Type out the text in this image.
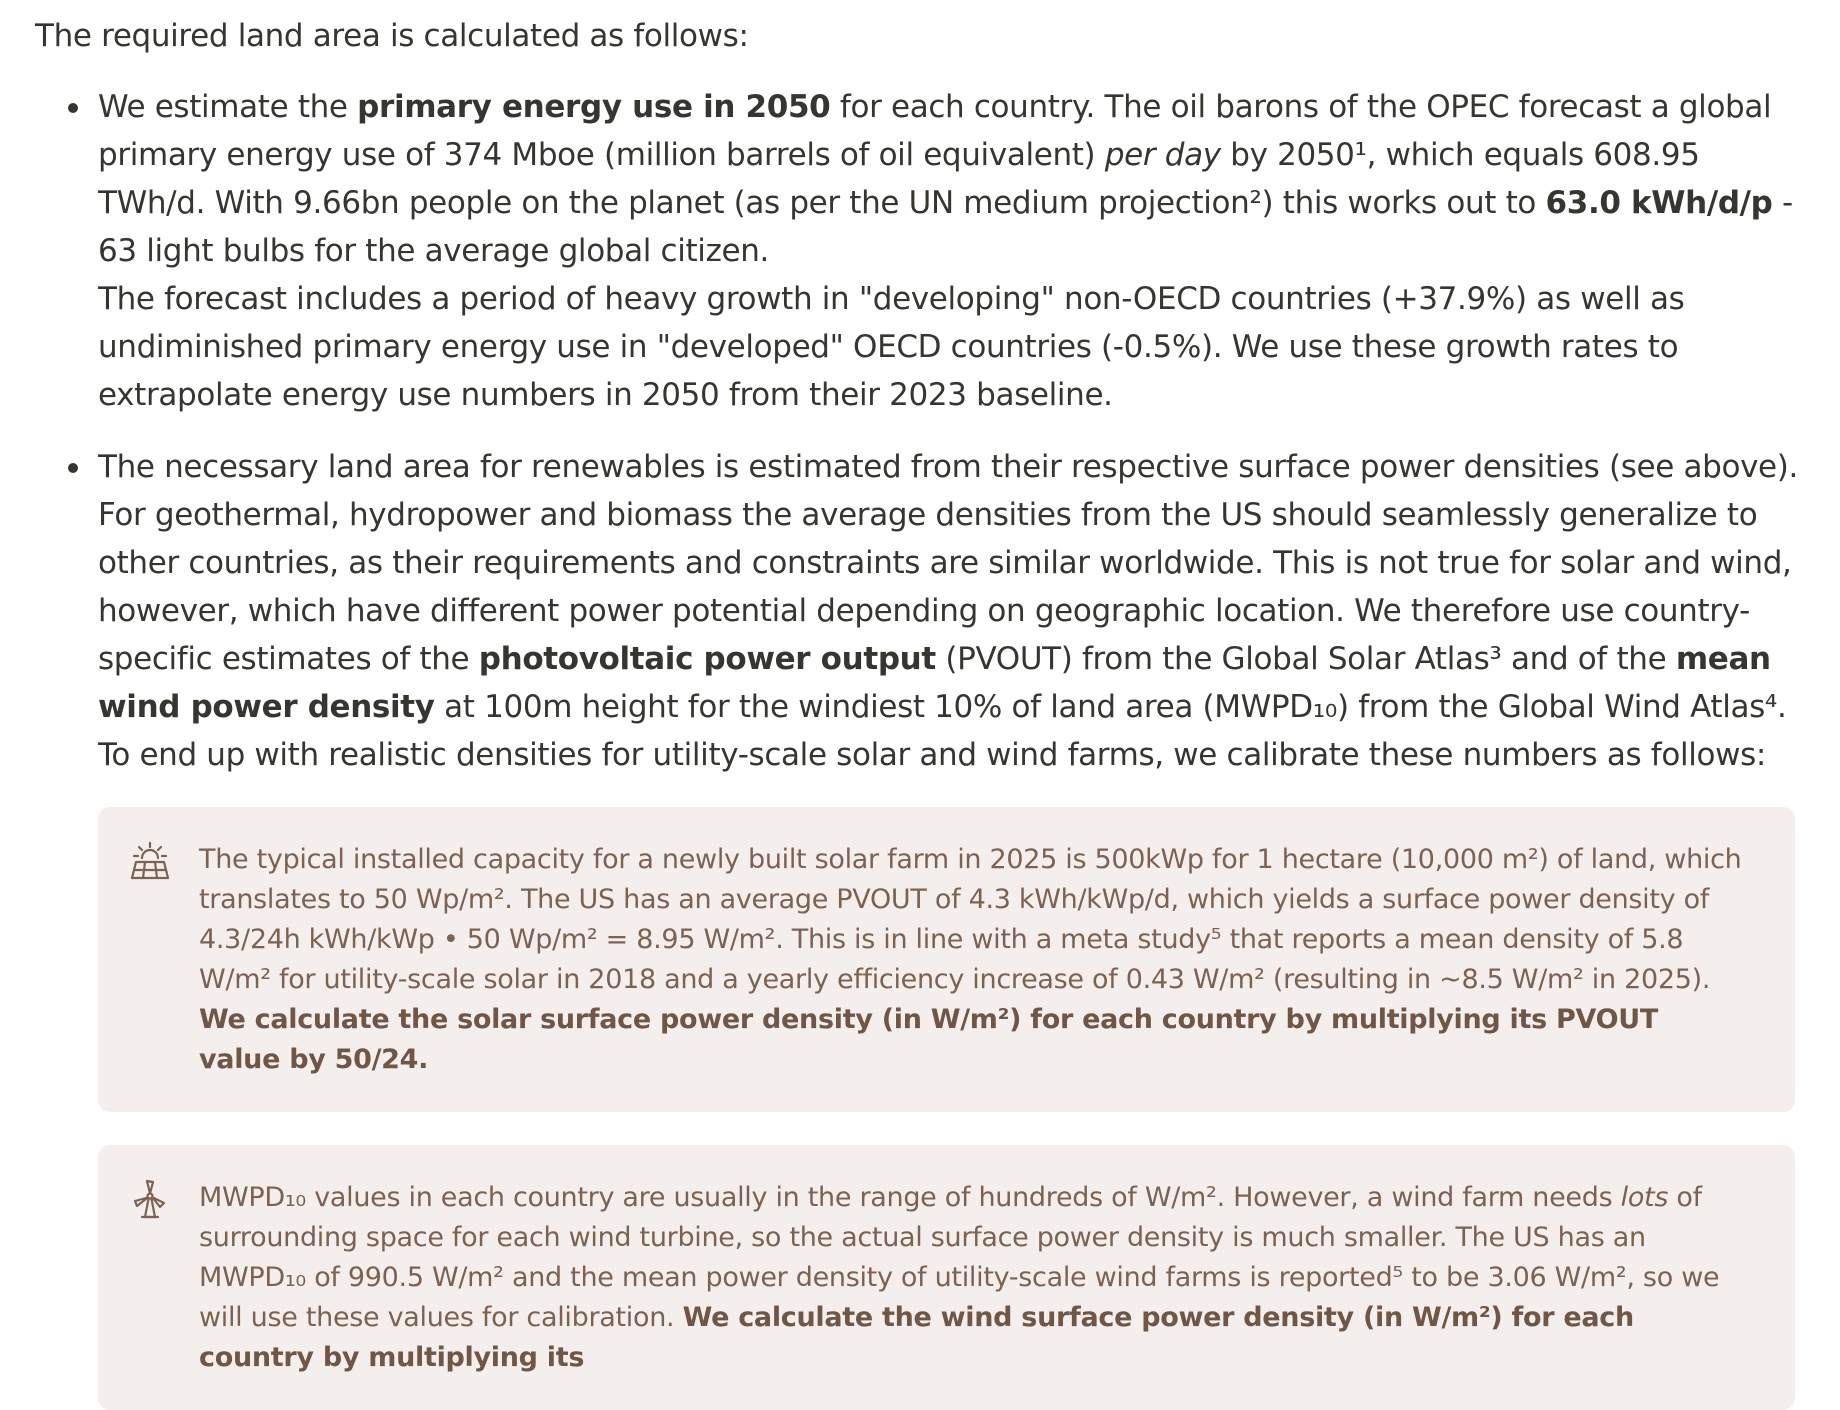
The required land area is calculated as follows:

We estimate the primary energy use in 2050 for each country. The oil barons of the OPEC forecast a global primary energy use of 374 Mboe (million barrels of oil equivalent) per day by 2050¹, which equals 608.95 TWh/d. With 9.66bn people on the planet (as per the UN medium projection²) this works out to 63.0 kWh/d/p - 63 light bulbs for the average global citizen.
The forecast includes a period of heavy growth in "developing" non-OECD countries (+37.9%) as well as undiminished primary energy use in "developed" OECD countries (-0.5%). We use these growth rates to extrapolate energy use numbers in 2050 from their 2023 baseline.
The necessary land area for renewables is estimated from their respective surface power densities (see above). For geothermal, hydropower and biomass the average densities from the US should seamlessly generalize to other countries, as their requirements and constraints are similar worldwide. This is not true for solar and wind, however, which have different power potential depending on geographic location. We therefore use country-specific estimates of the photovoltaic power output (PVOUT) from the Global Solar Atlas³ and of the mean wind power density at 100m height for the windiest 10% of land area (MWPD₁₀) from the Global Wind Atlas⁴. To end up with realistic densities for utility-scale solar and wind farms, we calibrate these numbers as follows:
The typical installed capacity for a newly built solar farm in 2025 is 500kWp for 1 hectare (10,000 m²) of land, which translates to 50 Wp/m². The US has an average PVOUT of 4.3 kWh/kWp/d, which yields a surface power density of 4.3/24h kWh/kWp • 50 Wp/m² = 8.95 W/m². This is in line with a meta study⁵ that reports a mean density of 5.8 W/m² for utility-scale solar in 2018 and a yearly efficiency increase of 0.43 W/m² (resulting in ~8.5 W/m² in 2025). We calculate the solar surface power density (in W/m²) for each country by multiplying its PVOUT value by 50/24.
MWPD₁₀ values in each country are usually in the range of hundreds of W/m². However, a wind farm needs lots of surrounding space for each wind turbine, so the actual surface power density is much smaller. The US has an MWPD₁₀ of 990.5 W/m² and the mean power density of utility-scale wind farms is reported⁵ to be 3.06 W/m², so we will use these values for calibration. We calculate the wind surface power density (in W/m²) for each country by multiplying its
